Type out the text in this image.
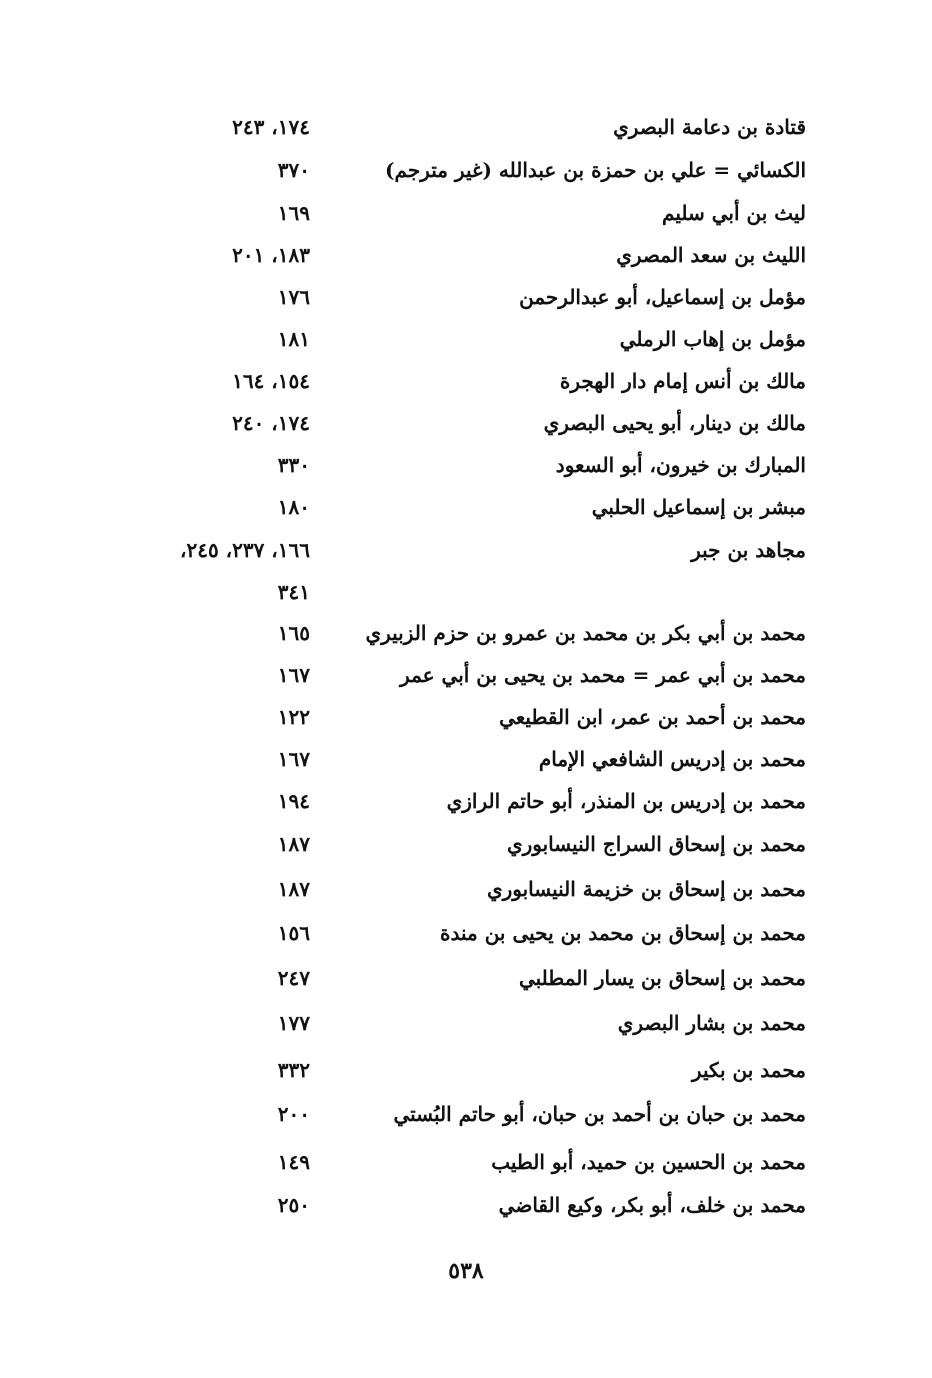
قتادة بن دعامة البصري
١٧٤، ٢٤٣
الكسائي = علي بن حمزة بن عبدالله (غير مترجم)
٣٧٠
ليث بن أبي سليم
١٦٩
الليث بن سعد المصري
١٨٣، ٢٠١
مؤمل بن إسماعيل، أبو عبدالرحمن
١٧٦
مؤمل بن إهاب الرملي
١٨١
مالك بن أنس إمام دار الهجرة
١٥٤، ١٦٤
مالك بن دينار، أبو يحيى البصري
١٧٤، ٢٤٠
المبارك بن خيرون، أبو السعود
٣٣٠
مبشر بن إسماعيل الحلبي
١٨٠
مجاهد بن جبر
١٦٦، ٢٣٧، ٢٤٥،
٣٤١
محمد بن أبي بكر بن محمد بن عمرو بن حزم الزبيري
١٦٥
محمد بن أبي عمر = محمد بن يحيى بن أبي عمر
١٦٧
محمد بن أحمد بن عمر، ابن القطيعي
١٢٢
محمد بن إدريس الشافعي الإمام
١٦٧
محمد بن إدريس بن المنذر، أبو حاتم الرازي
١٩٤
محمد بن إسحاق السراج النيسابوري
١٨٧
محمد بن إسحاق بن خزيمة النيسابوري
١٨٧
محمد بن إسحاق بن محمد بن يحيى بن مندة
١٥٦
محمد بن إسحاق بن يسار المطلبي
٢٤٧
محمد بن بشار البصري
١٧٧
محمد بن بكير
٣٣٢
محمد بن حبان بن أحمد بن حبان، أبو حاتم البُستي
٢٠٠
محمد بن الحسين بن حميد، أبو الطيب
١٤٩
محمد بن خلف، أبو بكر، وكيع القاضي
٢٥٠
٥٣٨
